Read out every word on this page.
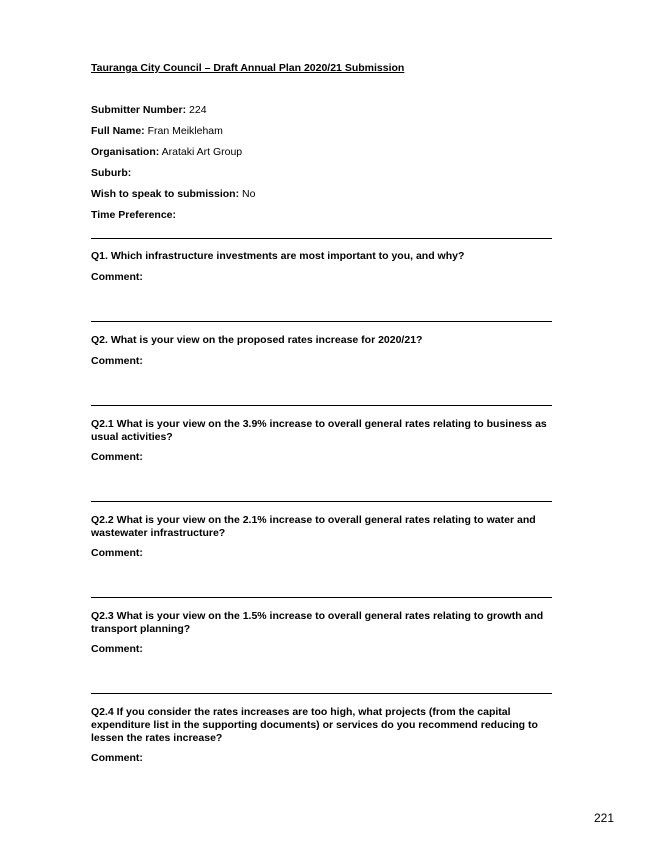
Tauranga City Council – Draft Annual Plan 2020/21 Submission
Submitter Number: 224
Full Name: Fran Meikleham
Organisation: Arataki Art Group
Suburb:
Wish to speak to submission: No
Time Preference:
Q1. Which infrastructure investments are most important to you, and why?
Comment:
Q2. What is your view on the proposed rates increase for 2020/21?
Comment:
Q2.1 What is your view on the 3.9% increase to overall general rates relating to business as usual activities?
Comment:
Q2.2 What is your view on the 2.1% increase to overall general rates relating to water and wastewater infrastructure?
Comment:
Q2.3 What is your view on the 1.5% increase to overall general rates relating to growth and transport planning?
Comment:
Q2.4 If you consider the rates increases are too high, what projects (from the capital expenditure list in the supporting documents) or services do you recommend reducing to lessen the rates increase?
Comment:
221
